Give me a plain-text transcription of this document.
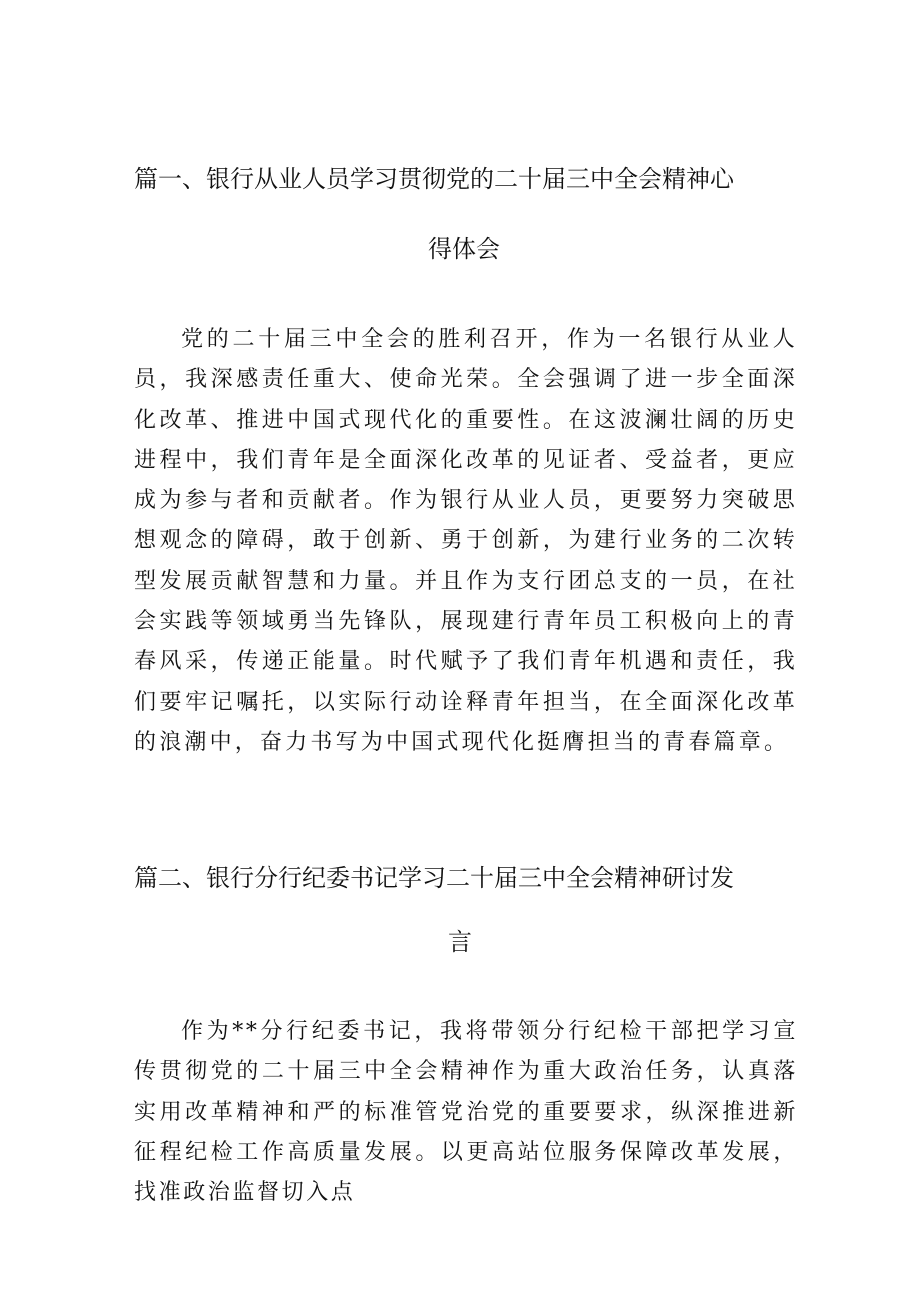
篇一、银行从业人员学习贯彻党的二十届三中全会精神心
得体会

党的二十届三中全会的胜利召开，作为一名银行从业人员，我深感责任重大、使命光荣。全会强调了进一步全面深化改革、推进中国式现代化的重要性。在这波澜壮阔的历史进程中，我们青年是全面深化改革的见证者、受益者，更应成为参与者和贡献者。作为银行从业人员，更要努力突破思想观念的障碍，敢于创新、勇于创新，为建行业务的二次转型发展贡献智慧和力量。并且作为支行团总支的一员，在社会实践等领域勇当先锋队，展现建行青年员工积极向上的青春风采，传递正能量。时代赋予了我们青年机遇和责任，我们要牢记嘱托，以实际行动诠释青年担当，在全面深化改革的浪潮中，奋力书写为中国式现代化挺膺担当的青春篇章。

篇二、银行分行纪委书记学习二十届三中全会精神研讨发
言

作为**分行纪委书记，我将带领分行纪检干部把学习宣传贯彻党的二十届三中全会精神作为重大政治任务，认真落实用改革精神和严的标准管党治党的重要要求，纵深推进新征程纪检工作高质量发展。以更高站位服务保障改革发展，找准政治监督切入点
